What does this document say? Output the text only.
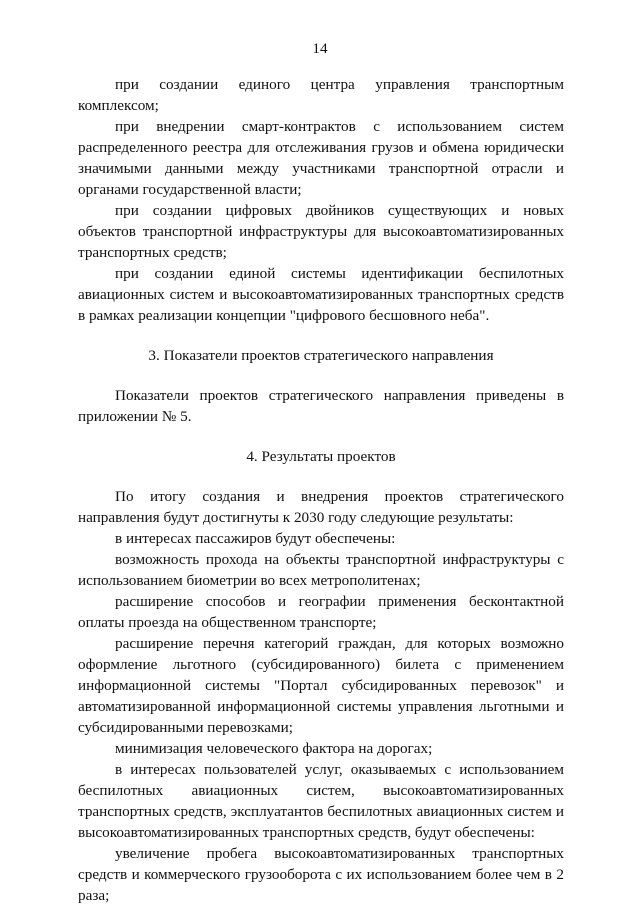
14

при создании единого центра управления транспортным комплексом;

при внедрении смарт-контрактов с использованием систем распределенного реестра для отслеживания грузов и обмена юридически значимыми данными между участниками транспортной отрасли и органами государственной власти;

при создании цифровых двойников существующих и новых объектов транспортной инфраструктуры для высокоавтоматизированных транспортных средств;

при создании единой системы идентификации беспилотных авиационных систем и высокоавтоматизированных транспортных средств в рамках реализации концепции "цифрового бесшовного неба".

3. Показатели проектов стратегического направления

Показатели проектов стратегического направления приведены в приложении № 5.

4. Результаты проектов

По итогу создания и внедрения проектов стратегического направления будут достигнуты к 2030 году следующие результаты:

в интересах пассажиров будут обеспечены:

возможность прохода на объекты транспортной инфраструктуры с использованием биометрии во всех метрополитенах;

расширение способов и географии применения бесконтактной оплаты проезда на общественном транспорте;

расширение перечня категорий граждан, для которых возможно оформление льготного (субсидированного) билета с применением информационной системы "Портал субсидированных перевозок" и автоматизированной информационной системы управления льготными и субсидированными перевозками;

минимизация человеческого фактора на дорогах;

в интересах пользователей услуг, оказываемых с использованием беспилотных авиационных систем, высокоавтоматизированных транспортных средств, эксплуатантов беспилотных авиационных систем и высокоавтоматизированных транспортных средств, будут обеспечены:

увеличение пробега высокоавтоматизированных транспортных средств и коммерческого грузооборота с их использованием более чем в 2 раза;
